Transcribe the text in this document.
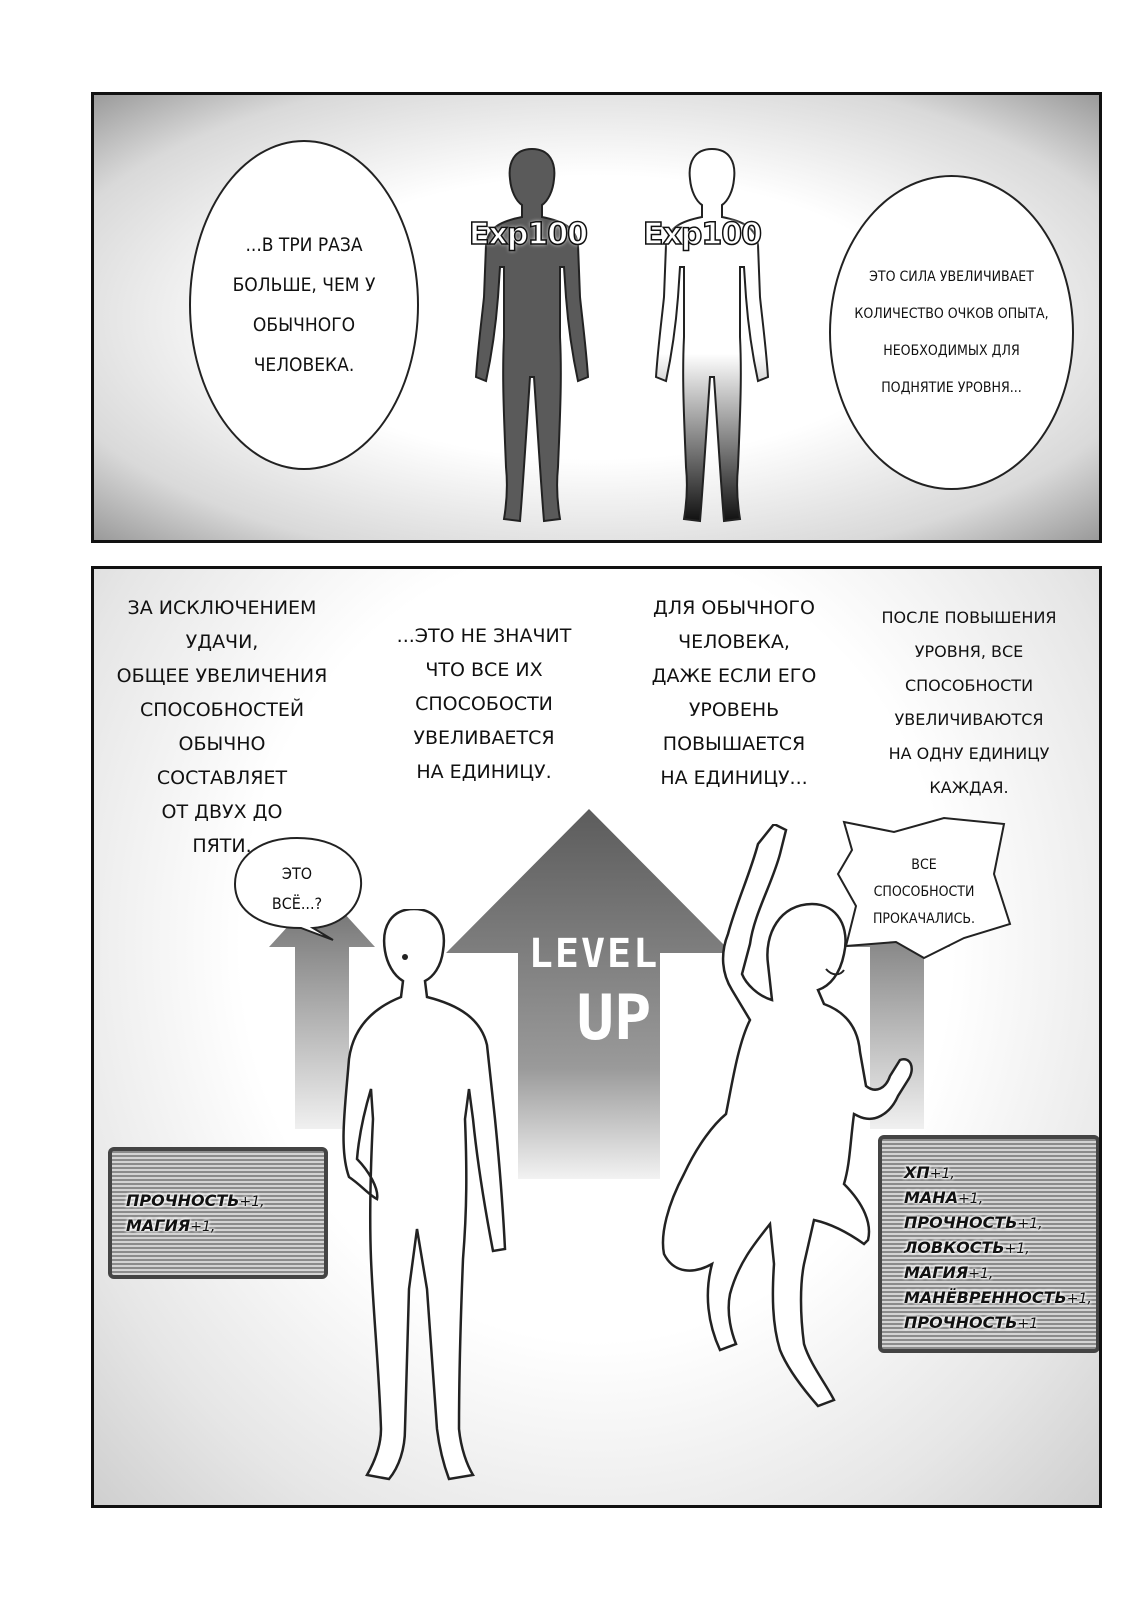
Exp100 Exp100
...В ТРИ РАЗА
БОЛЬШЕ, ЧЕМ У
ОБЫЧНОГО
ЧЕЛОВЕКА.
ЭТО СИЛА УВЕЛИЧИВАЕТ
КОЛИЧЕСТВО ОЧКОВ ОПЫТА,
НЕОБХОДИМЫХ ДЛЯ
ПОДНЯТИЕ УРОВНЯ...
LEVEL
UP
ЗА ИСКЛЮЧЕНИЕМ
УДАЧИ,
ОБЩЕЕ УВЕЛИЧЕНИЯ
СПОСОБНОСТЕЙ
ОБЫЧНО СОСТАВЛЯЕТ
ОТ ДВУХ ДО
ПЯТИ.
...ЭТО НЕ ЗНАЧИТ
ЧТО ВСЕ ИХ
СПОСОБОСТИ
УВЕЛИВАЕТСЯ
НА ЕДИНИЦУ.
ДЛЯ ОБЫЧНОГО
ЧЕЛОВЕКА,
ДАЖЕ ЕСЛИ ЕГО
УРОВЕНЬ
ПОВЫШАЕТСЯ
НА ЕДИНИЦУ...
ПОСЛЕ ПОВЫШЕНИЯ
УРОВНЯ, ВСЕ
СПОСОБНОСТИ УВЕЛИЧИВАЮТСЯ
НА ОДНУ ЕДИНИЦУ
КАЖДАЯ.
ЭТО
ВСЁ...?
ВСЕ
СПОСОБНОСТИ
ПРОКАЧАЛИСЬ.
ПРОЧНОСТЬ+1,
МАГИЯ+1,
ХП+1,
МАНА+1,
ПРОЧНОСТЬ+1,
ЛОВКОСТЬ+1,
МАГИЯ+1,
МАНЁВРЕННОСТЬ+1,
ПРОЧНОСТЬ+1
